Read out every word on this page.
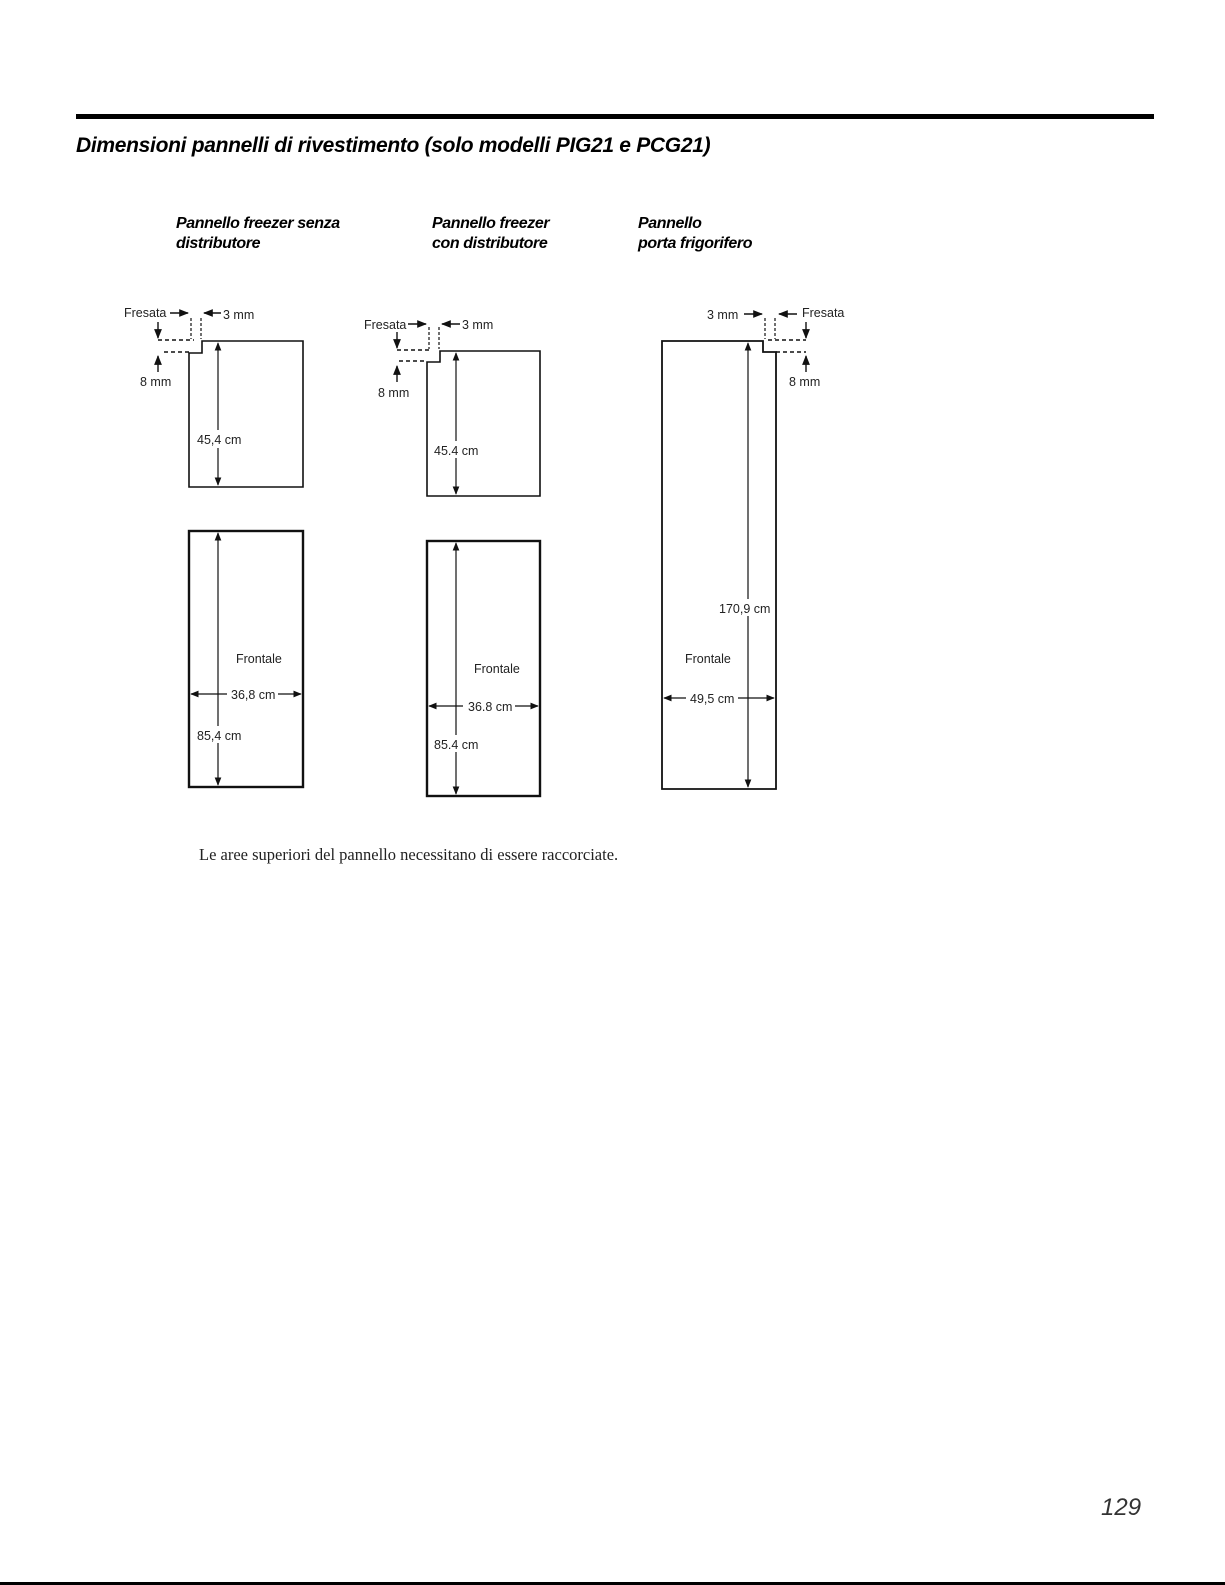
Dimensioni pannelli di rivestimento (solo modelli PIG21 e PCG21)
Pannello freezer senza
distributore
Pannello freezer
con distributore
Pannello
porta frigorifero
Fresata	3 mm
8 mm
45,4 cm
Frontale
36,8 cm
85,4 cm
Fresata	3 mm
8 mm
45.4 cm
Frontale
36.8 cm
85.4 cm
3 mm	Fresata
8 mm
170,9 cm
Frontale
49,5 cm
Le aree superiori del pannello necessitano di essere raccorciate.
129
